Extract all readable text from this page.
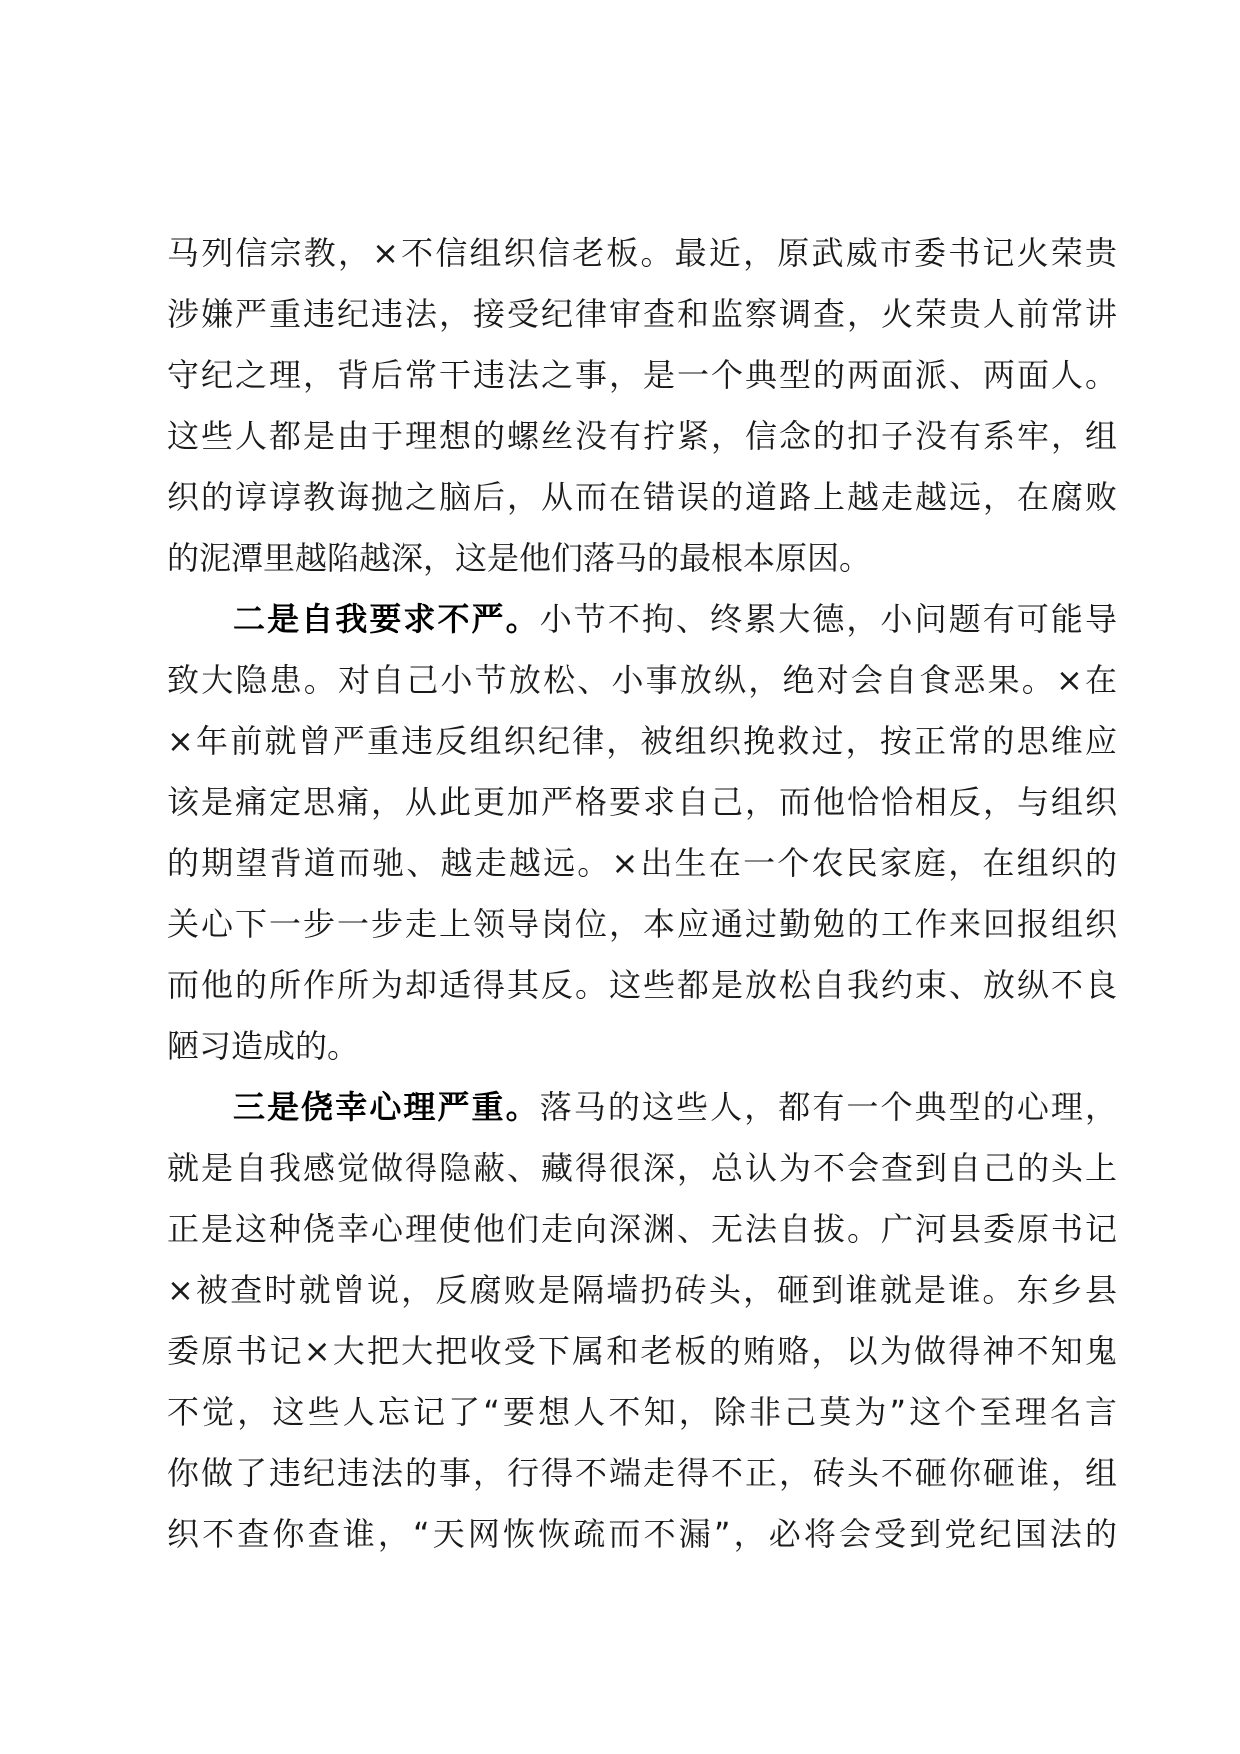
马列信宗教，×不信组织信老板。最近，原武威市委书记火荣贵
涉嫌严重违纪违法，接受纪律审查和监察调查，火荣贵人前常讲
守纪之理，背后常干违法之事，是一个典型的两面派、两面人。
这些人都是由于理想的螺丝没有拧紧，信念的扣子没有系牢，组
织的谆谆教诲抛之脑后，从而在错误的道路上越走越远，在腐败
的泥潭里越陷越深，这是他们落马的最根本原因。
二是自我要求不严。小节不拘、终累大德，小问题有可能导
致大隐患。对自己小节放松、小事放纵，绝对会自食恶果。×在
×年前就曾严重违反组织纪律，被组织挽救过，按正常的思维应
该是痛定思痛，从此更加严格要求自己，而他恰恰相反，与组织
的期望背道而驰、越走越远。×出生在一个农民家庭，在组织的
关心下一步一步走上领导岗位，本应通过勤勉的工作来回报组织
而他的所作所为却适得其反。这些都是放松自我约束、放纵不良
陋习造成的。
三是侥幸心理严重。落马的这些人，都有一个典型的心理，
就是自我感觉做得隐蔽、藏得很深，总认为不会查到自己的头上
正是这种侥幸心理使他们走向深渊、无法自拔。广河县委原书记
×被查时就曾说，反腐败是隔墙扔砖头，砸到谁就是谁。东乡县
委原书记×大把大把收受下属和老板的贿赂，以为做得神不知鬼
不觉，这些人忘记了“要想人不知，除非己莫为”这个至理名言
你做了违纪违法的事，行得不端走得不正，砖头不砸你砸谁，组
织不查你查谁，“天网恢恢疏而不漏”，必将会受到党纪国法的
